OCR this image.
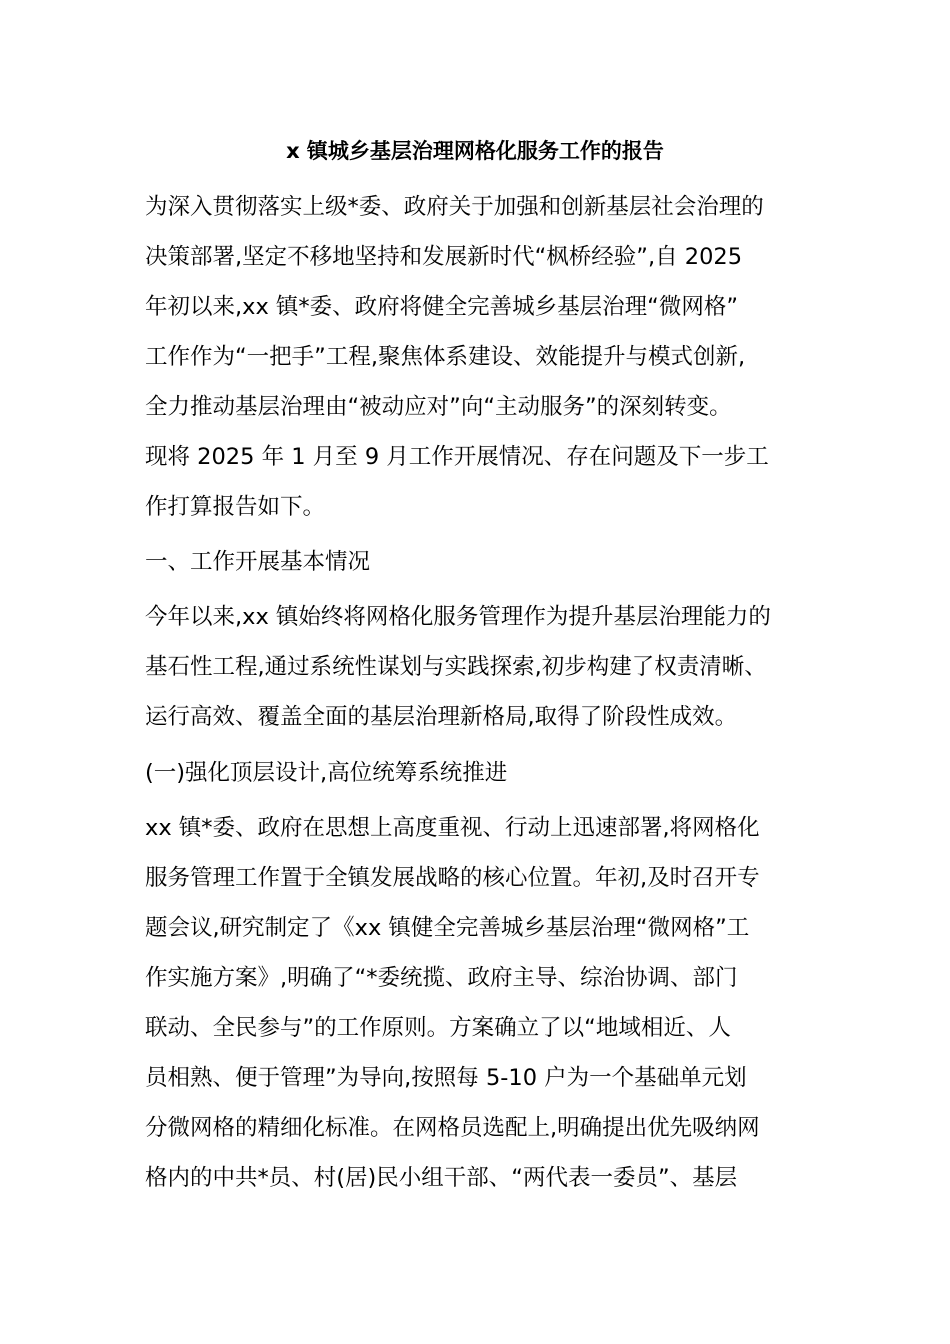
x 镇城乡基层治理网格化服务工作的报告
为深入贯彻落实上级*委、政府关于加强和创新基层社会治理的
决策部署,坚定不移地坚持和发展新时代“枫桥经验”,自 2025
年初以来,xx 镇*委、政府将健全完善城乡基层治理“微网格”
工作作为“一把手”工程,聚焦体系建设、效能提升与模式创新,
全力推动基层治理由“被动应对”向“主动服务”的深刻转变。
现将 2025 年 1 月至 9 月工作开展情况、存在问题及下一步工
作打算报告如下。
一、工作开展基本情况
今年以来,xx 镇始终将网格化服务管理作为提升基层治理能力的
基石性工程,通过系统性谋划与实践探索,初步构建了权责清晰、
运行高效、覆盖全面的基层治理新格局,取得了阶段性成效。
(一)强化顶层设计,高位统筹系统推进
xx 镇*委、政府在思想上高度重视、行动上迅速部署,将网格化
服务管理工作置于全镇发展战略的核心位置。年初,及时召开专
题会议,研究制定了《xx 镇健全完善城乡基层治理“微网格”工
作实施方案》,明确了“*委统揽、政府主导、综治协调、部门
联动、全民参与”的工作原则。方案确立了以“地域相近、人
员相熟、便于管理”为导向,按照每 5-10 户为一个基础单元划
分微网格的精细化标准。在网格员选配上,明确提出优先吸纳网
格内的中共*员、村(居)民小组干部、“两代表一委员”、基层
